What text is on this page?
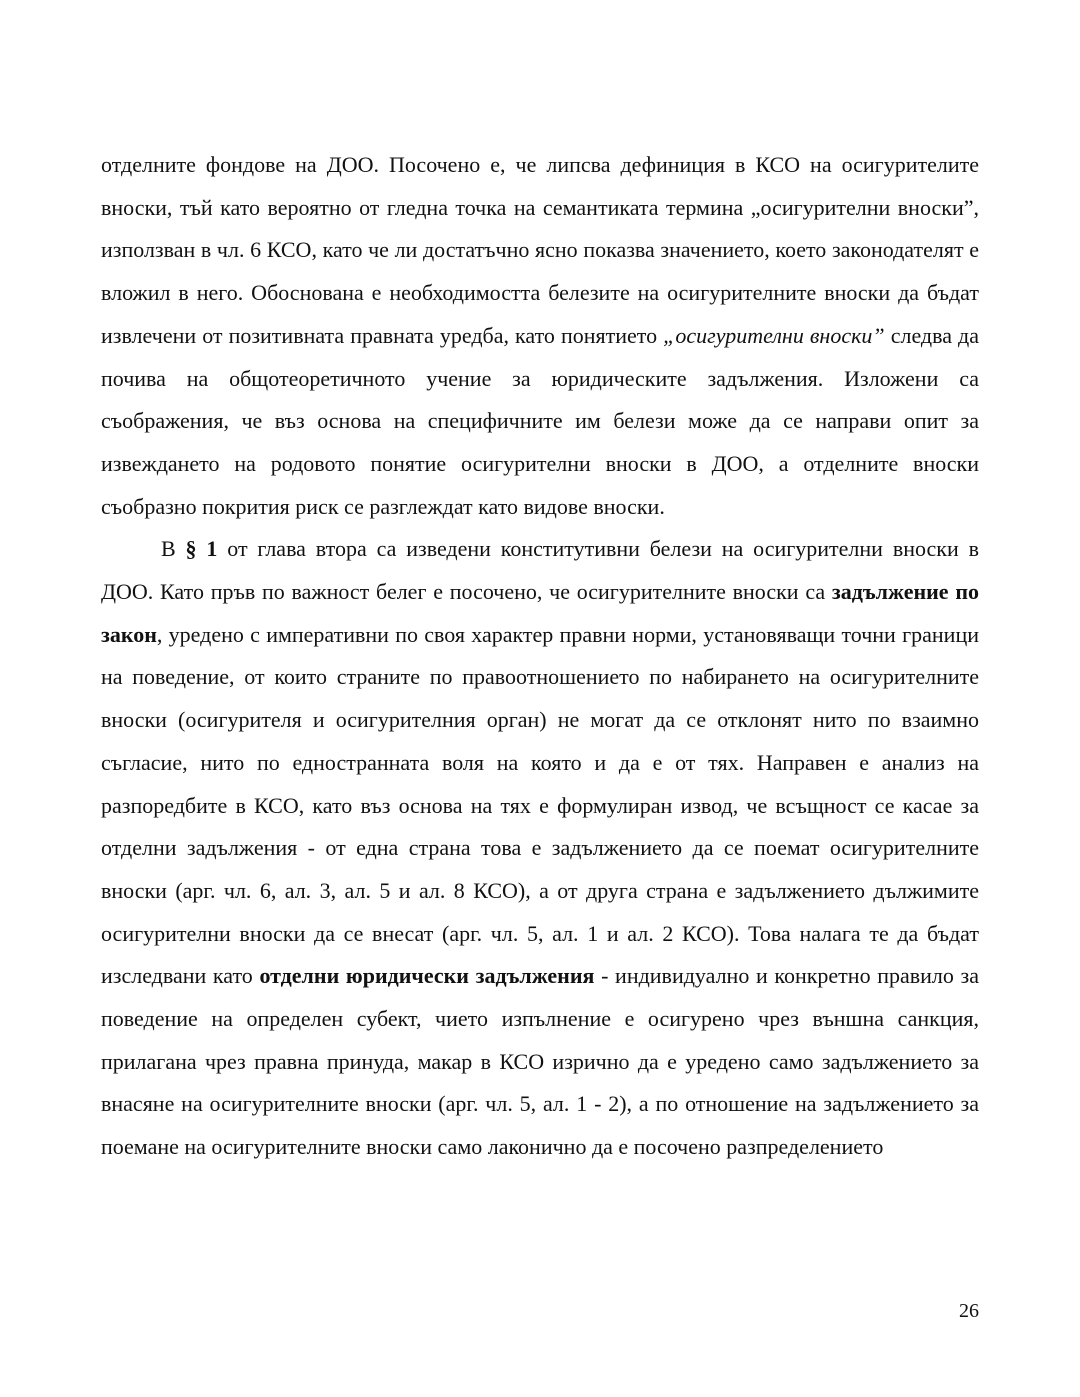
отделните фондове на ДОО. Посочено е, че липсва дефиниция в КСО на осигурителите вноски, тъй като вероятно от гледна точка на семантиката термина „осигурителни вноски”, използван в чл. 6 КСО, като че ли достатъчно ясно показва значението, което законодателят е вложил в него. Обоснована е необходимостта белезите на осигурителните вноски да бъдат извлечени от позитивната правната уредба, като понятието „осигурителни вноски” следва да почива на общотеоретичното учение за юридическите задължения. Изложени са съображения, че въз основа на специфичните им белези може да се направи опит за извеждането на родовото понятие осигурителни вноски в ДОО, а отделните вноски съобразно покрития риск се разглеждат като видове вноски.

В § 1 от глава втора са изведени конститутивни белези на осигурителни вноски в ДОО. Като пръв по важност белег е посочено, че осигурителните вноски са задължение по закон, уредено с императивни по своя характер правни норми, установяващи точни граници на поведение, от които страните по правоотношението по набирането на осигурителните вноски (осигурителя и осигурителния орган) не могат да се отклонят нито по взаимно съгласие, нито по едностранната воля на която и да е от тях. Направен е анализ на разпоредбите в КСО, като въз основа на тях е формулиран извод, че всъщност се касае за отделни задължения - от една страна това е задължението да се поемат осигурителните вноски (арг. чл. 6, ал. 3, ал. 5 и ал. 8 КСО), а от друга страна е задължението дължимите осигурителни вноски да се внесат (арг. чл. 5, ал. 1 и ал. 2 КСО). Това налага те да бъдат изследвани като отделни юридически задължения - индивидуално и конкретно правило за поведение на определен субект, чието изпълнение е осигурено чрез външна санкция, прилагана чрез правна принуда, макар в КСО изрично да е уредено само задължението за внасяне на осигурителните вноски (арг. чл. 5, ал. 1 - 2), а по отношение на задължението за поемане на осигурителните вноски само лаконично да е посочено разпределението

26
